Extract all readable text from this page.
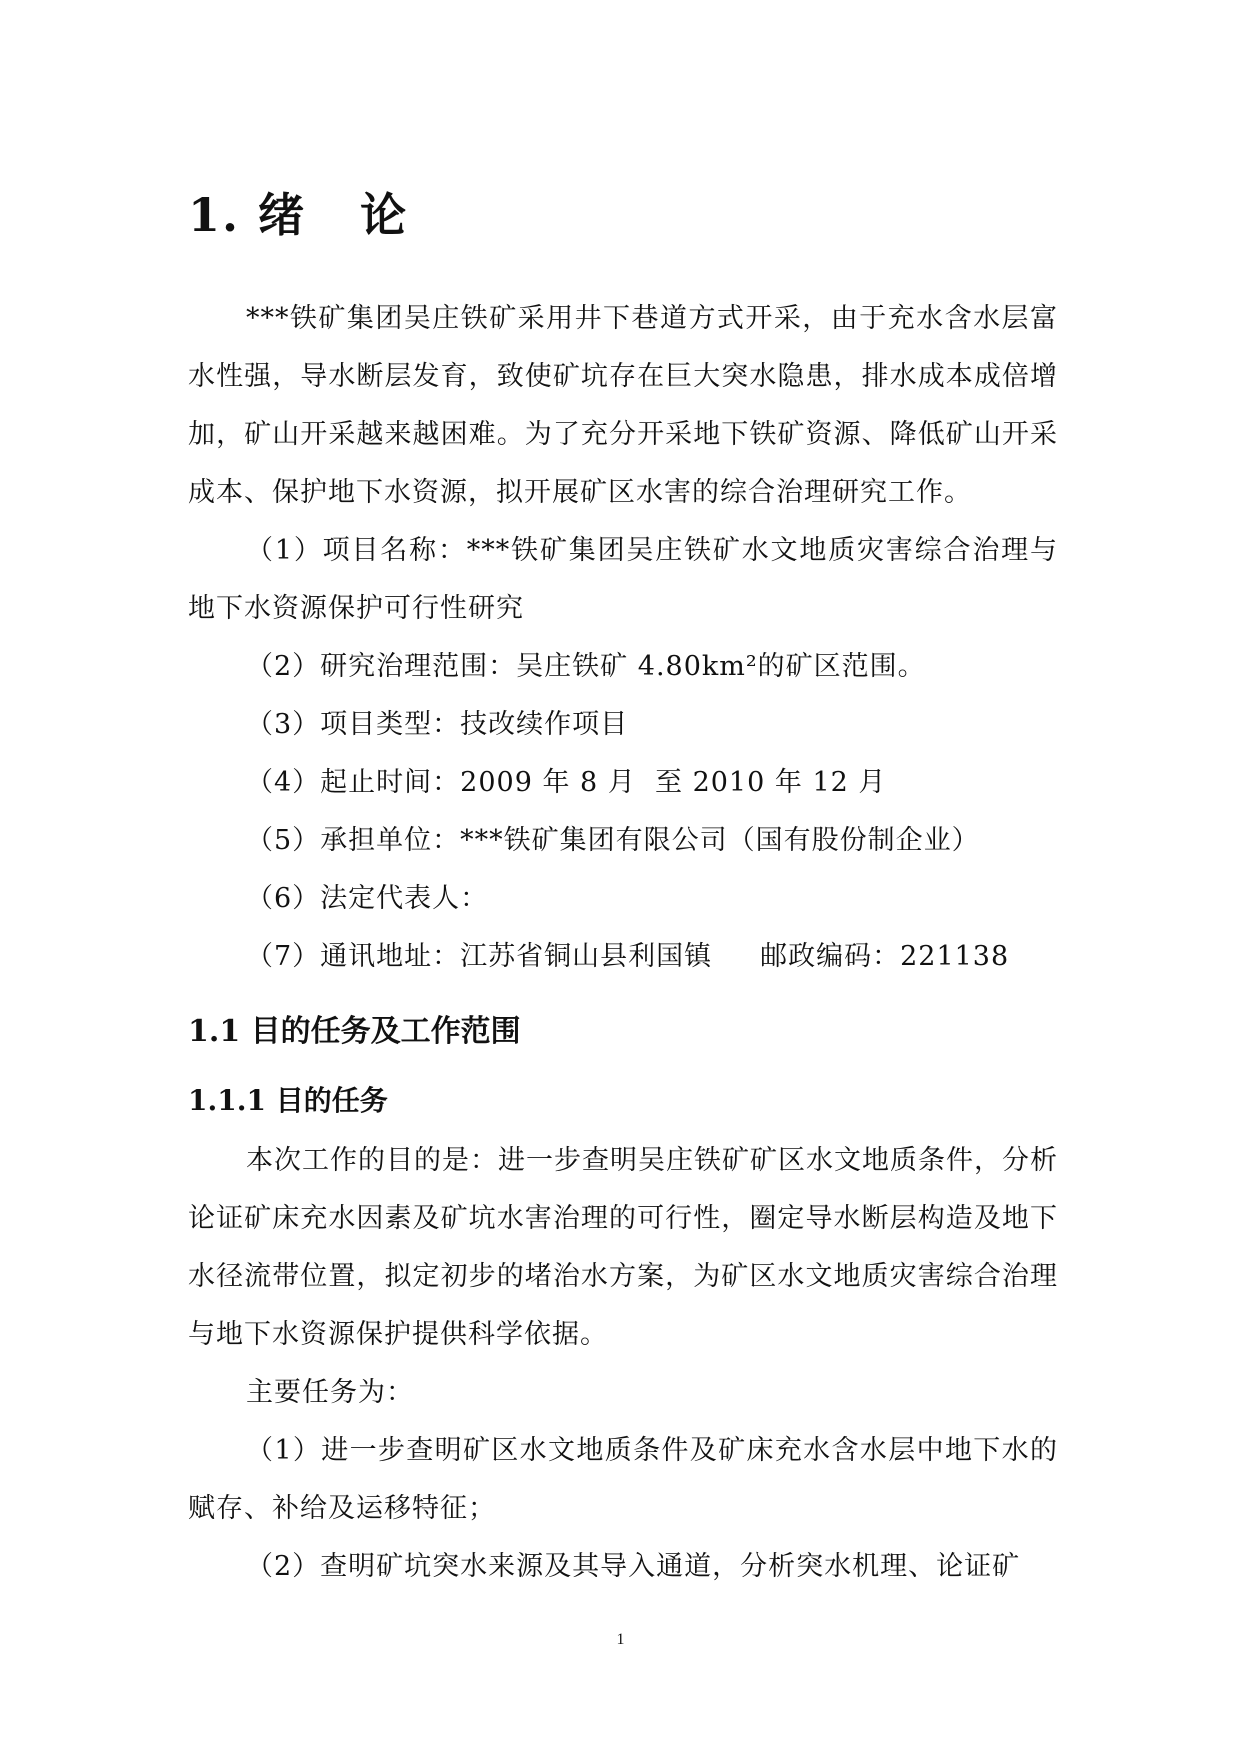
1. 绪   论

***铁矿集团吴庄铁矿采用井下巷道方式开采，由于充水含水层富水性强，导水断层发育，致使矿坑存在巨大突水隐患，排水成本成倍增加，矿山开采越来越困难。为了充分开采地下铁矿资源、降低矿山开采成本、保护地下水资源，拟开展矿区水害的综合治理研究工作。

（1）项目名称：***铁矿集团吴庄铁矿水文地质灾害综合治理与地下水资源保护可行性研究

（2）研究治理范围：吴庄铁矿 4.80km²的矿区范围。

（3）项目类型：技改续作项目

（4）起止时间：2009 年 8 月  至 2010 年 12 月

（5）承担单位：***铁矿集团有限公司（国有股份制企业）

（6）法定代表人：

（7）通讯地址：江苏省铜山县利国镇     邮政编码：221138

1.1 目的任务及工作范围
1.1.1 目的任务

本次工作的目的是：进一步查明吴庄铁矿矿区水文地质条件，分析论证矿床充水因素及矿坑水害治理的可行性，圈定导水断层构造及地下水径流带位置，拟定初步的堵治水方案，为矿区水文地质灾害综合治理与地下水资源保护提供科学依据。

主要任务为：

（1）进一步查明矿区水文地质条件及矿床充水含水层中地下水的赋存、补给及运移特征；

（2）查明矿坑突水来源及其导入通道，分析突水机理、论证矿

1
